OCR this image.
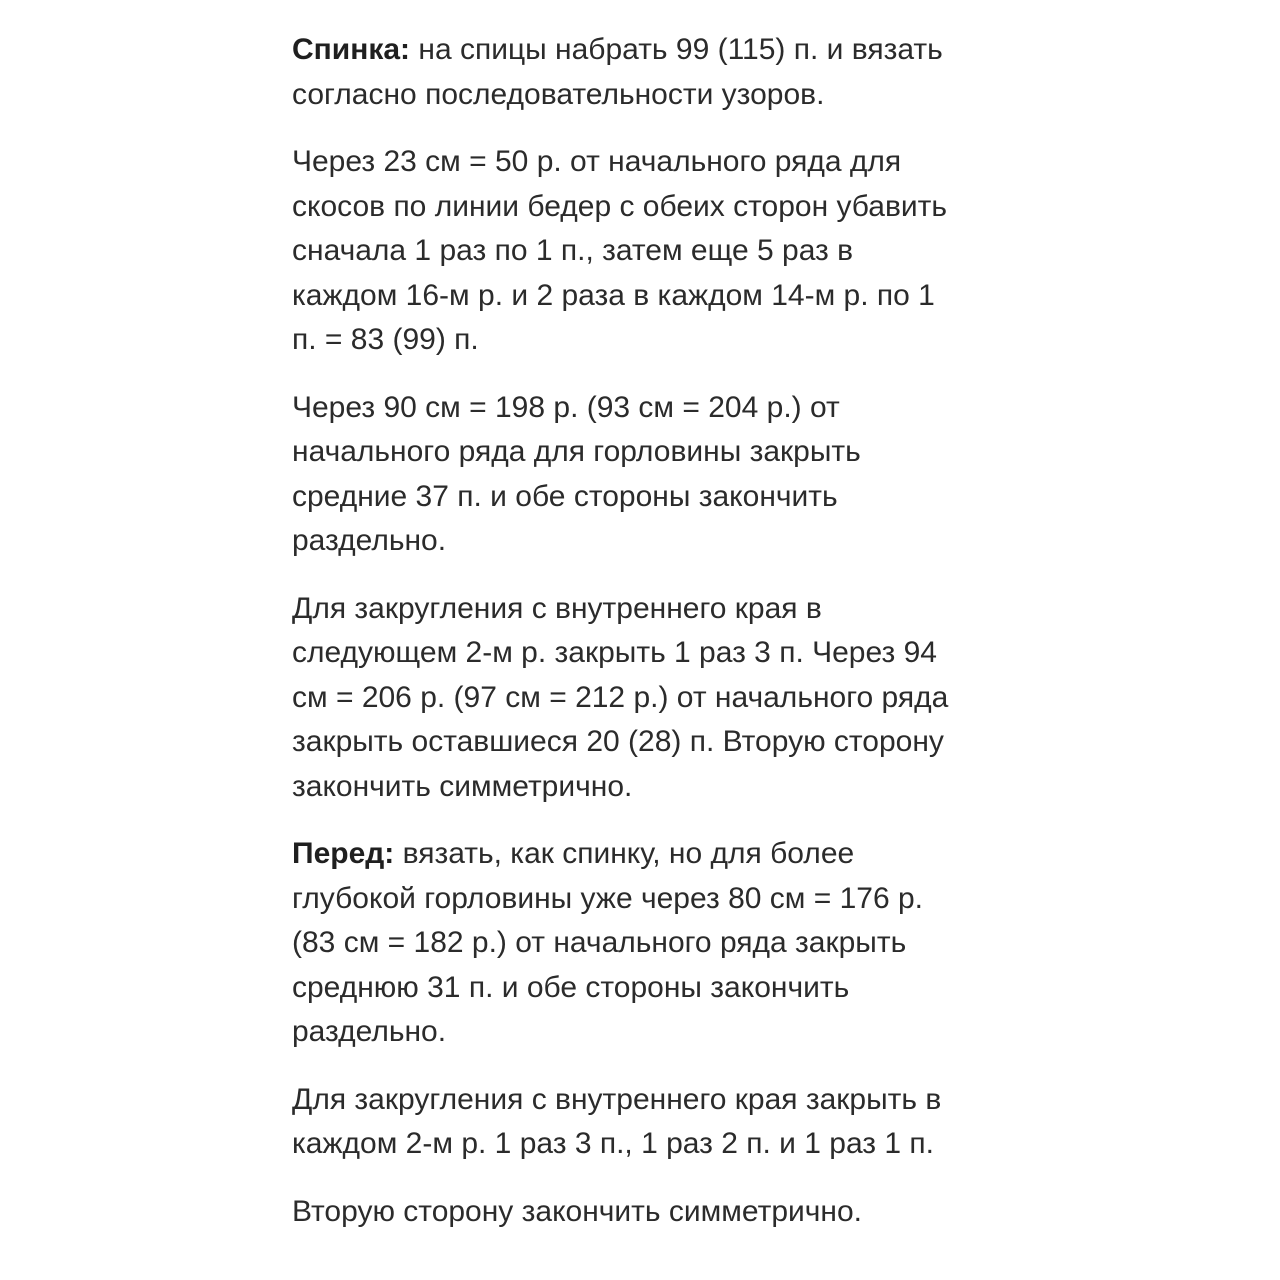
Спинка: на спицы набрать 99 (115) п. и вязать
согласно последовательности узоров.

Через 23 см = 50 р. от начального ряда для
скосов по линии бедер с обеих сторон убавить
сначала 1 раз по 1 п., затем еще 5 раз в
каждом 16-м р. и 2 раза в каждом 14-м р. по 1
п. = 83 (99) п.

Через 90 см = 198 р. (93 см = 204 р.) от
начального ряда для горловины закрыть
средние 37 п. и обе стороны закончить
раздельно.

Для закругления с внутреннего края в
следующем 2-м р. закрыть 1 раз 3 п. Через 94
см = 206 р. (97 см = 212 р.) от начального ряда
закрыть оставшиеся 20 (28) п. Вторую сторону
закончить симметрично.

Перед: вязать, как спинку, но для более
глубокой горловины уже через 80 см = 176 р.
(83 см = 182 р.) от начального ряда закрыть
среднюю 31 п. и обе стороны закончить
раздельно.

Для закругления с внутреннего края закрыть в
каждом 2-м р. 1 раз 3 п., 1 раз 2 п. и 1 раз 1 п.

Вторую сторону закончить симметрично.
